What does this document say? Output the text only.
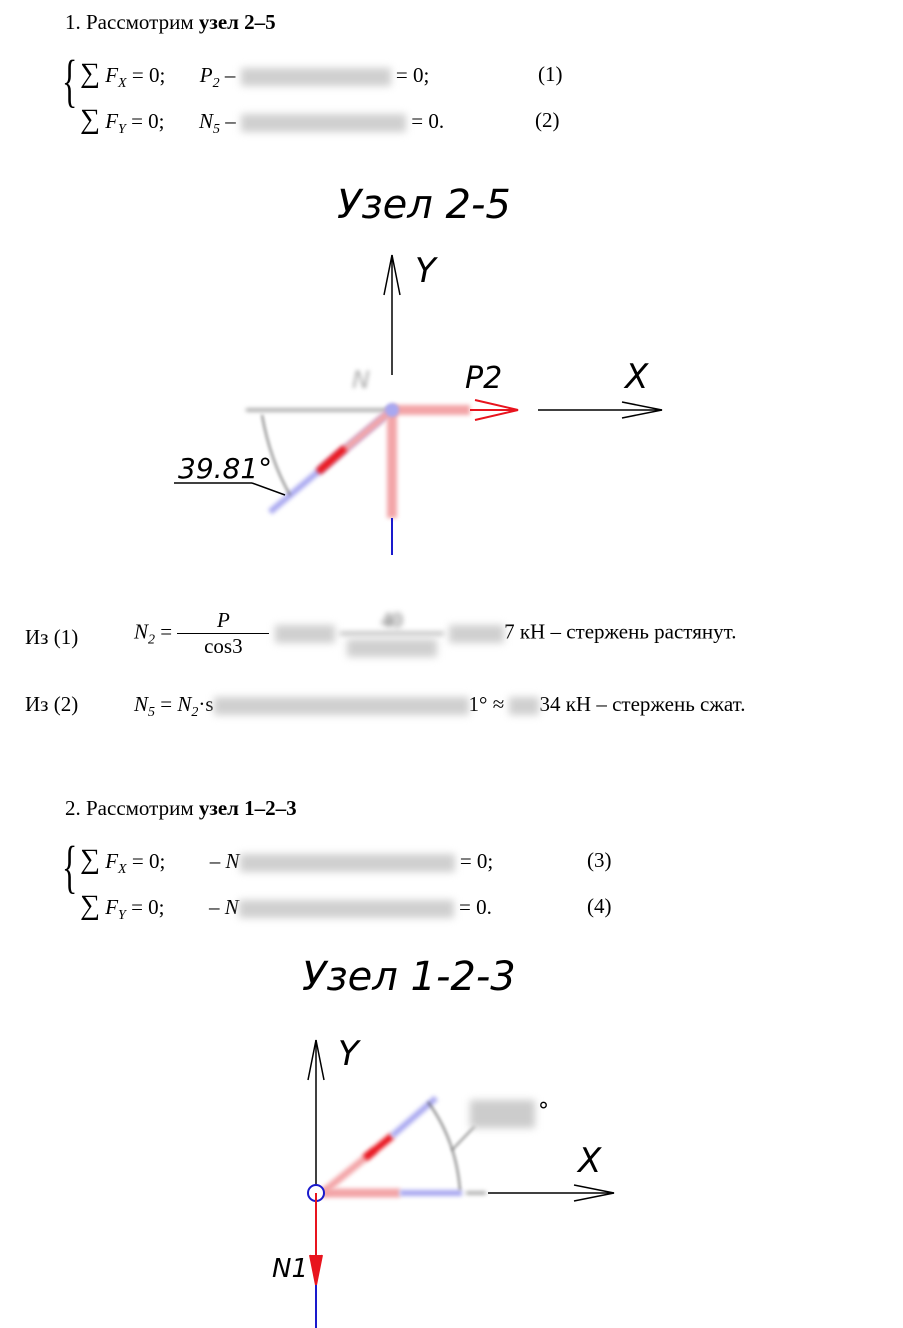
1. Рассмотрим узел 2–5
{ ∑ $F_X = 0$; $P_2$ –	= 0;	(1)
∑ $F_Y = 0$; $N_5$ –	= 0.	(2)
Узел 2-5
Y
X
P2
N
39.81°
Из (1)	$N_2 = \frac{P}{\cos 3}$
	40	7 кН – стержень растянут.
Из (2)	$N_5 = N_2\cdot s$	1° ≈ 34 кН – стержень сжат.
2. Рассмотрим узел 1–2–3
{ ∑ $F_X = 0$; – N	= 0;	(3)
∑ $F_Y = 0$; – N	= 0.	(4)
Узел 1-2-3
Y
X
°
N1
